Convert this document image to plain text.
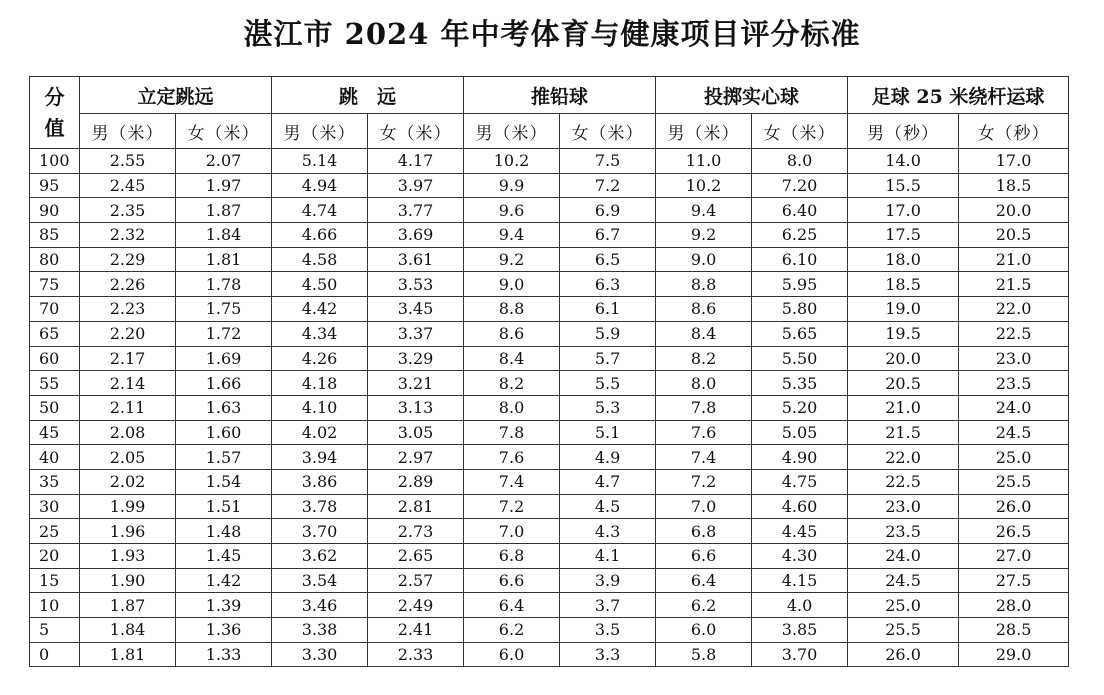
湛江市 2024 年中考体育与健康项目评分标准
分
值	立定跳远		跳　远		推铅球		投掷实心球		足球 25 米绕杆运球	
	男（米）	女（米）	男（米）	女（米）	男（米）	女（米）	男（米）	女（米）	男（秒）	女（秒）
100	2.55	2.07	5.14	4.17	10.2	7.5	11.0	8.0	14.0	17.0
95	2.45	1.97	4.94	3.97	9.9	7.2	10.2	7.20	15.5	18.5
90	2.35	1.87	4.74	3.77	9.6	6.9	9.4	6.40	17.0	20.0
85	2.32	1.84	4.66	3.69	9.4	6.7	9.2	6.25	17.5	20.5
80	2.29	1.81	4.58	3.61	9.2	6.5	9.0	6.10	18.0	21.0
75	2.26	1.78	4.50	3.53	9.0	6.3	8.8	5.95	18.5	21.5
70	2.23	1.75	4.42	3.45	8.8	6.1	8.6	5.80	19.0	22.0
65	2.20	1.72	4.34	3.37	8.6	5.9	8.4	5.65	19.5	22.5
60	2.17	1.69	4.26	3.29	8.4	5.7	8.2	5.50	20.0	23.0
55	2.14	1.66	4.18	3.21	8.2	5.5	8.0	5.35	20.5	23.5
50	2.11	1.63	4.10	3.13	8.0	5.3	7.8	5.20	21.0	24.0
45	2.08	1.60	4.02	3.05	7.8	5.1	7.6	5.05	21.5	24.5
40	2.05	1.57	3.94	2.97	7.6	4.9	7.4	4.90	22.0	25.0
35	2.02	1.54	3.86	2.89	7.4	4.7	7.2	4.75	22.5	25.5
30	1.99	1.51	3.78	2.81	7.2	4.5	7.0	4.60	23.0	26.0
25	1.96	1.48	3.70	2.73	7.0	4.3	6.8	4.45	23.5	26.5
20	1.93	1.45	3.62	2.65	6.8	4.1	6.6	4.30	24.0	27.0
15	1.90	1.42	3.54	2.57	6.6	3.9	6.4	4.15	24.5	27.5
10	1.87	1.39	3.46	2.49	6.4	3.7	6.2	4.0	25.0	28.0
5	1.84	1.36	3.38	2.41	6.2	3.5	6.0	3.85	25.5	28.5
0	1.81	1.33	3.30	2.33	6.0	3.3	5.8	3.70	26.0	29.0
